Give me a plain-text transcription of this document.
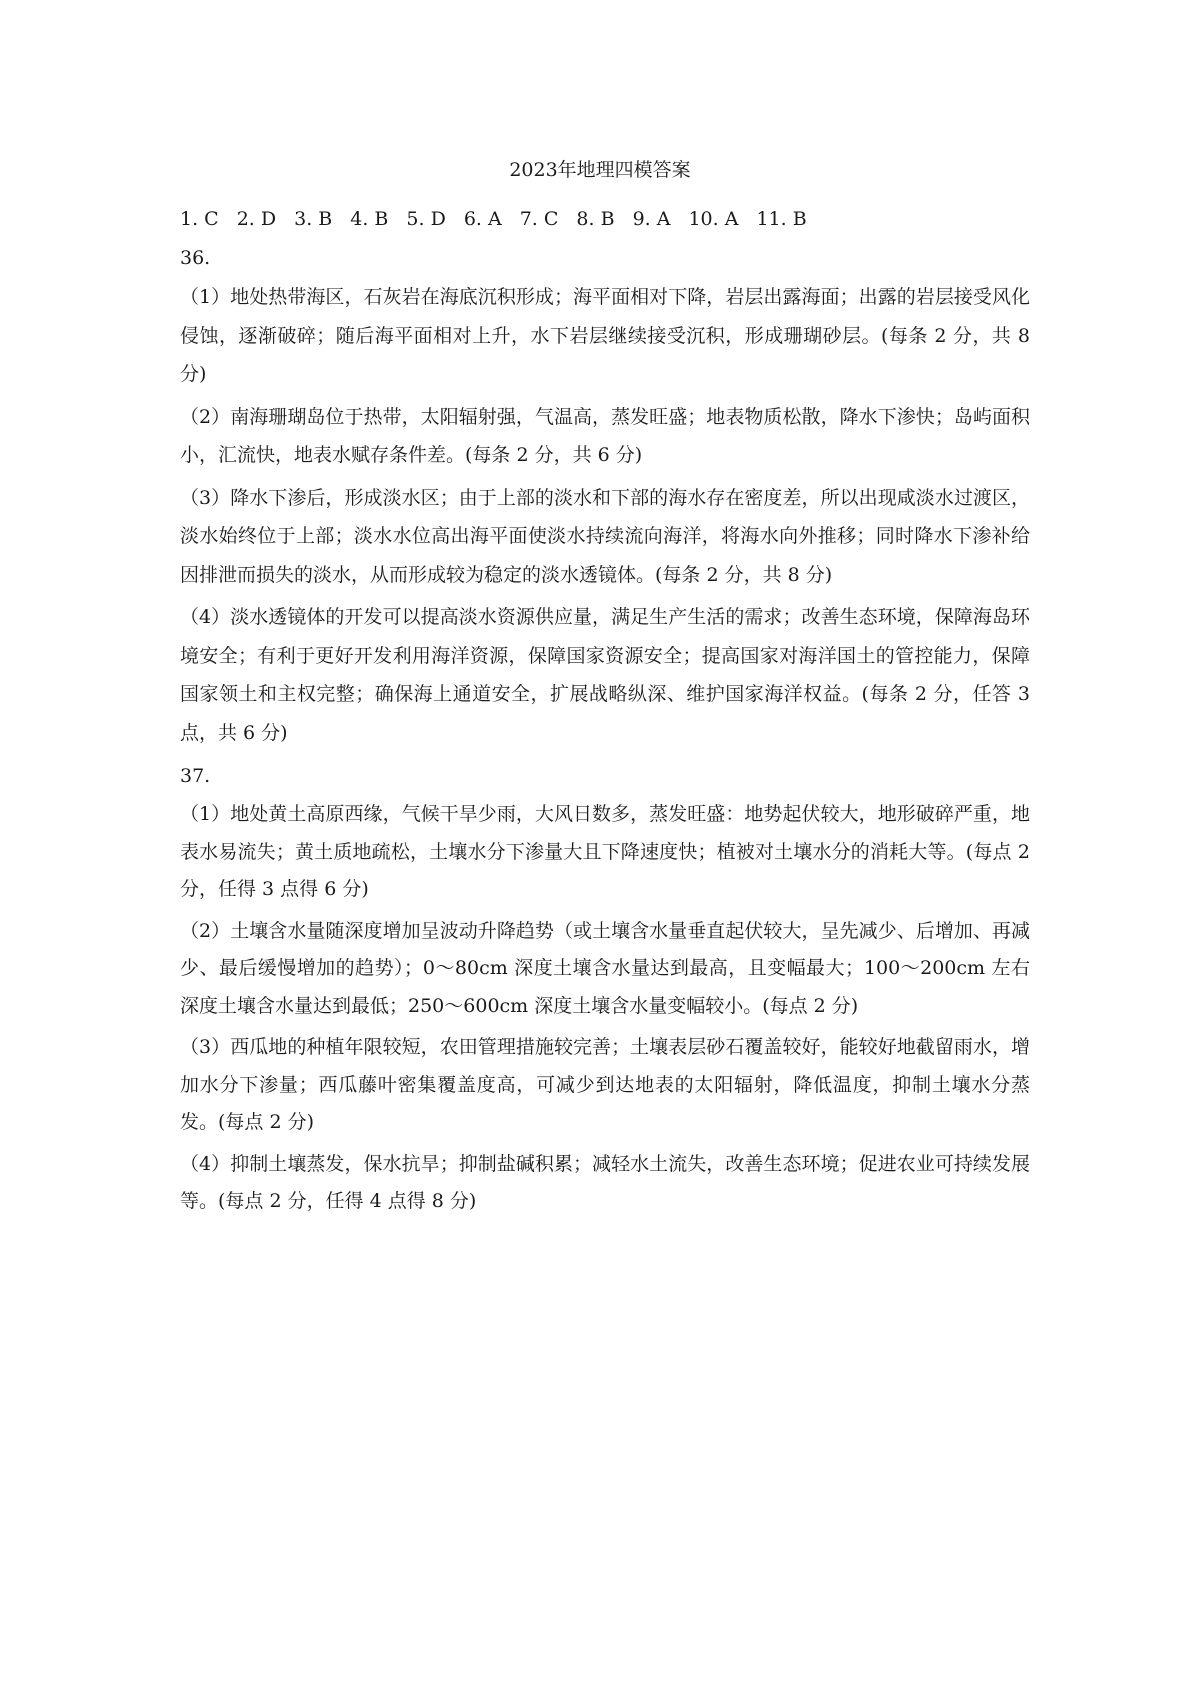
2023年地理四模答案
1. C 2. D 3. B 4. B 5. D 6. A 7. C 8. B 9. A 10. A 11. B
36.

（1）地处热带海区，石灰岩在海底沉积形成；海平面相对下降，岩层出露海面；出露的岩层接受风化侵蚀，逐渐破碎；随后海平面相对上升，水下岩层继续接受沉积，形成珊瑚砂层。(每条 2 分，共 8 分)

（2）南海珊瑚岛位于热带，太阳辐射强，气温高，蒸发旺盛；地表物质松散，降水下渗快；岛屿面积小，汇流快，地表水赋存条件差。(每条 2 分，共 6 分)

（3）降水下渗后，形成淡水区；由于上部的淡水和下部的海水存在密度差，所以出现咸淡水过渡区，淡水始终位于上部；淡水水位高出海平面使淡水持续流向海洋，将海水向外推移；同时降水下渗补给因排泄而损失的淡水，从而形成较为稳定的淡水透镜体。(每条 2 分，共 8 分)

（4）淡水透镜体的开发可以提高淡水资源供应量，满足生产生活的需求；改善生态环境，保障海岛环 境安全；有利于更好开发利用海洋资源，保障国家资源安全；提高国家对海洋国土的管控能力，保障国家领土和主权完整；确保海上通道安全，扩展战略纵深、维护国家海洋权益。(每条 2 分，任答 3 点，共 6 分)

37.

（1）地处黄土高原西缘，气候干旱少雨，大风日数多，蒸发旺盛：地势起伏较大，地形破碎严重，地表水易流失；黄土质地疏松，土壤水分下渗量大且下降速度快；植被对土壤水分的消耗大等。(每点 2 分，任得 3 点得 6 分)

（2）土壤含水量随深度增加呈波动升降趋势（或土壤含水量垂直起伏较大，呈先减少、后增加、再减少、最后缓慢增加的趋势）；0～80cm 深度土壤含水量达到最高，且变幅最大；100～200cm 左右深度土壤含水量达到最低；250～600cm 深度土壤含水量变幅较小。(每点 2 分)

（3）西瓜地的种植年限较短，农田管理措施较完善；土壤表层砂石覆盖较好，能较好地截留雨水，增加水分下渗量；西瓜藤叶密集覆盖度高，可减少到达地表的太阳辐射，降低温度，抑制土壤水分蒸发。(每点 2 分)

（4）抑制土壤蒸发，保水抗旱；抑制盐碱积累；减轻水土流失，改善生态环境；促进农业可持续发展等。(每点 2 分，任得 4 点得 8 分)
